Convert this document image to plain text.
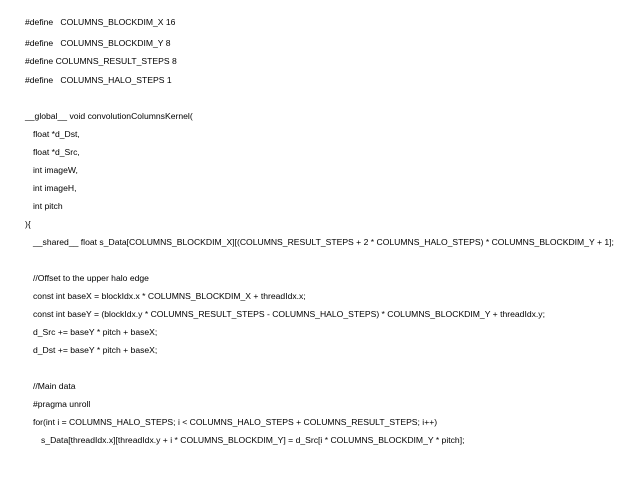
#define   COLUMNS_BLOCKDIM_X 16
#define   COLUMNS_BLOCKDIM_Y 8
#define COLUMNS_RESULT_STEPS 8
#define   COLUMNS_HALO_STEPS 1
__global__ void convolutionColumnsKernel(
float *d_Dst,
float *d_Src,
int imageW,
int imageH,
int pitch
){
__shared__ float s_Data[COLUMNS_BLOCKDIM_X][(COLUMNS_RESULT_STEPS + 2 * COLUMNS_HALO_STEPS) * COLUMNS_BLOCKDIM_Y + 1];
//Offset to the upper halo edge
const int baseX = blockIdx.x * COLUMNS_BLOCKDIM_X + threadIdx.x;
const int baseY = (blockIdx.y * COLUMNS_RESULT_STEPS - COLUMNS_HALO_STEPS) * COLUMNS_BLOCKDIM_Y + threadIdx.y;
d_Src += baseY * pitch + baseX;
d_Dst += baseY * pitch + baseX;
//Main data
#pragma unroll
for(int i = COLUMNS_HALO_STEPS; i < COLUMNS_HALO_STEPS + COLUMNS_RESULT_STEPS; i++)
s_Data[threadIdx.x][threadIdx.y + i * COLUMNS_BLOCKDIM_Y] = d_Src[i * COLUMNS_BLOCKDIM_Y * pitch];
